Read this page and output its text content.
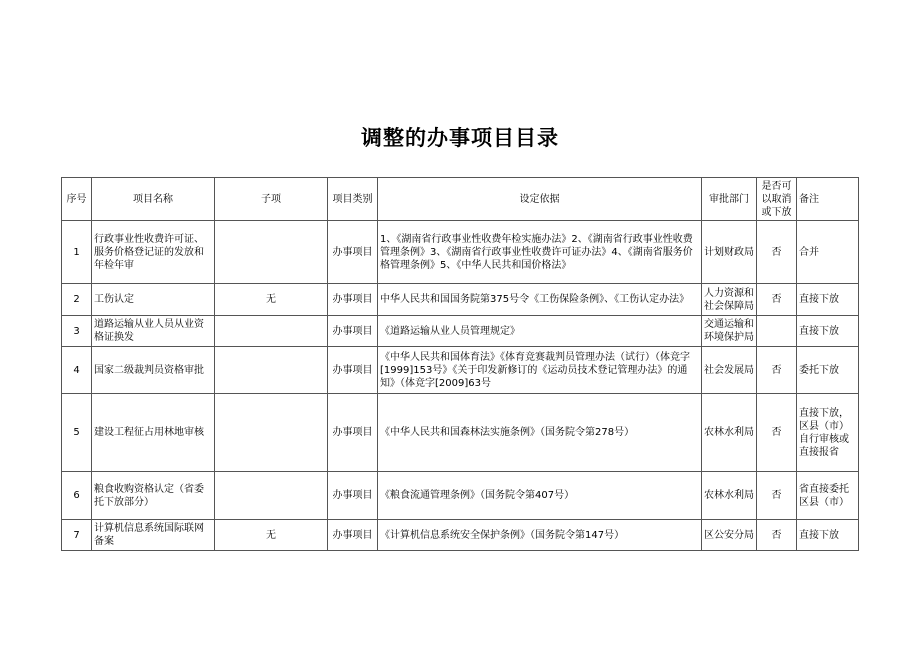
调整的办事项目目录
序号	项目名称	子项	项目类别	设定依据	审批部门	是否可以取消或下放	备注
1	行政事业性收费许可证、服务价格登记证的发放和年检年审		办事项目	1、《湖南省行政事业性收费年检实施办法》2、《湖南省行政事业性收费管理条例》3、《湖南省行政事业性收费许可证办法》4、《湖南省服务价格管理条例》5、《中华人民共和国价格法》	计划财政局	否	合并
2	工伤认定	无	办事项目	中华人民共和国国务院第375号令《工伤保险条例》、《工伤认定办法》	人力资源和社会保障局	否	直接下放
3	道路运输从业人员从业资格证换发		办事项目	《道路运输从业人员管理规定》	交通运输和环境保护局		直接下放
4	国家二级裁判员资格审批		办事项目	《中华人民共和国体育法》《体育竞赛裁判员管理办法（试行）（体竞字[1999]153号》《关于印发新修订的《运动员技术登记管理办法》的通知》（体竞字[2009]63号	社会发展局	否	委托下放
5	建设工程征占用林地审核		办事项目	《中华人民共和国森林法实施条例》（国务院令第278号）	农林水利局	否	直接下放，区县（市）自行审核或直接报省
6	粮食收购资格认定（省委托下放部分）		办事项目	《粮食流通管理条例》（国务院令第407号）	农林水利局	否	省直接委托区县（市）
7	计算机信息系统国际联网备案	无	办事项目	《计算机信息系统安全保护条例》（国务院令第147号）	区公安分局	否	直接下放
